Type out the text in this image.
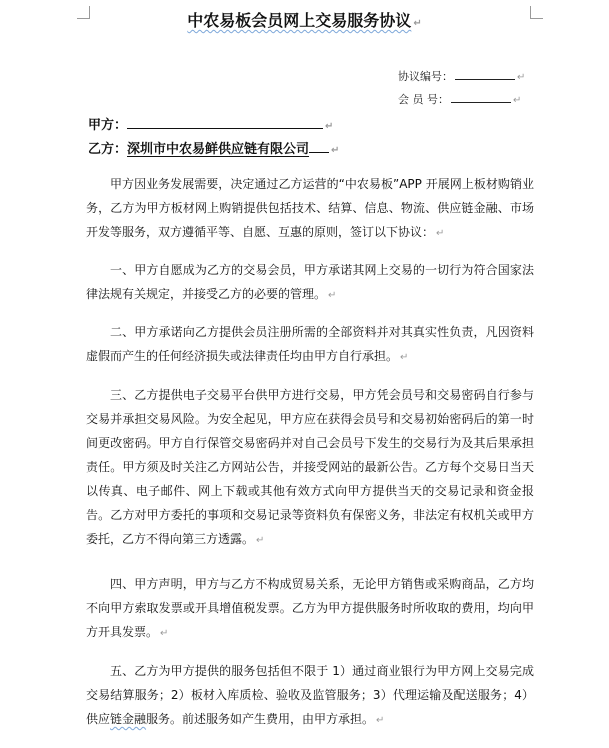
中农易板会员网上交易服务协议 ↵
协议编号：	↵
会 员 号：	↵
甲方：	↵
乙方：深圳市中农易鲜供应链有限公司 ↵

甲方因业务发展需要，决定通过乙方运营的“中农易板”APP 开展网上板材购销业务，乙方为甲方板材网上购销提供包括技术、结算、信息、物流、供应链金融、市场开发等服务，双方遵循平等、自愿、互惠的原则，签订以下协议： ↵

一、甲方自愿成为乙方的交易会员，甲方承诺其网上交易的一切行为符合国家法律法规有关规定，并接受乙方的必要的管理。 ↵

二、甲方承诺向乙方提供会员注册所需的全部资料并对其真实性负责，凡因资料虚假而产生的任何经济损失或法律责任均由甲方自行承担。 ↵

三、乙方提供电子交易平台供甲方进行交易，甲方凭会员号和交易密码自行参与交易并承担交易风险。为安全起见，甲方应在获得会员号和交易初始密码后的第一时间更改密码。甲方自行保管交易密码并对自己会员号下发生的交易行为及其后果承担责任。甲方须及时关注乙方网站公告，并接受网站的最新公告。乙方每个交易日当天以传真、电子邮件、网上下载或其他有效方式向甲方提供当天的交易记录和资金报告。乙方对甲方委托的事项和交易记录等资料负有保密义务，非法定有权机关或甲方委托，乙方不得向第三方透露。 ↵

四、甲方声明，甲方与乙方不构成贸易关系，无论甲方销售或采购商品，乙方均不向甲方索取发票或开具增值税发票。乙方为甲方提供服务时所收取的费用，均向甲方开具发票。 ↵

五、乙方为甲方提供的服务包括但不限于 1）通过商业银行为甲方网上交易完成交易结算服务；2）板材入库质检、验收及监管服务；3）代理运输及配送服务；4）供应链金融服务。前述服务如产生费用，由甲方承担。 ↵
